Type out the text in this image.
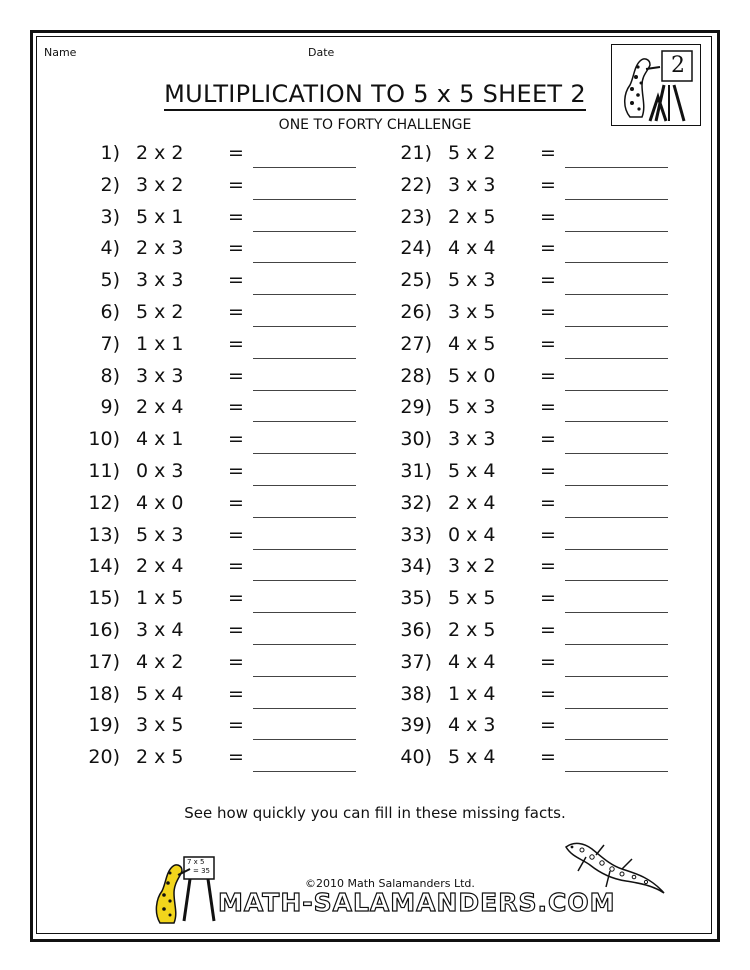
Name	Date
2
MULTIPLICATION TO 5 x 5 SHEET 2
ONE TO FORTY CHALLENGE
1) 2 x 2 =
2) 3 x 2 =
3) 5 x 1 =
4) 2 x 3 =
5) 3 x 3 =
6) 5 x 2 =
7) 1 x 1 =
8) 3 x 3 =
9) 2 x 4 =
10) 4 x 1 =
11) 0 x 3 =
12) 4 x 0 =
13) 5 x 3 =
14) 2 x 4 =
15) 1 x 5 =
16) 3 x 4 =
17) 4 x 2 =
18) 5 x 4 =
19) 3 x 5 =
20) 2 x 5 =
21) 5 x 2 =
22) 3 x 3 =
23) 2 x 5 =
24) 4 x 4 =
25) 5 x 3 =
26) 3 x 5 =
27) 4 x 5 =
28) 5 x 0 =
29) 5 x 3 =
30) 3 x 3 =
31) 5 x 4 =
32) 2 x 4 =
33) 0 x 4 =
34) 3 x 2 =
35) 5 x 5 =
36) 2 x 5 =
37) 4 x 4 =
38) 1 x 4 =
39) 4 x 3 =
40) 5 x 4 =
See how quickly you can fill in these missing facts.
7 x 5
= 35
©2010 Math Salamanders Ltd.
MATH-SALAMANDERS.COM
